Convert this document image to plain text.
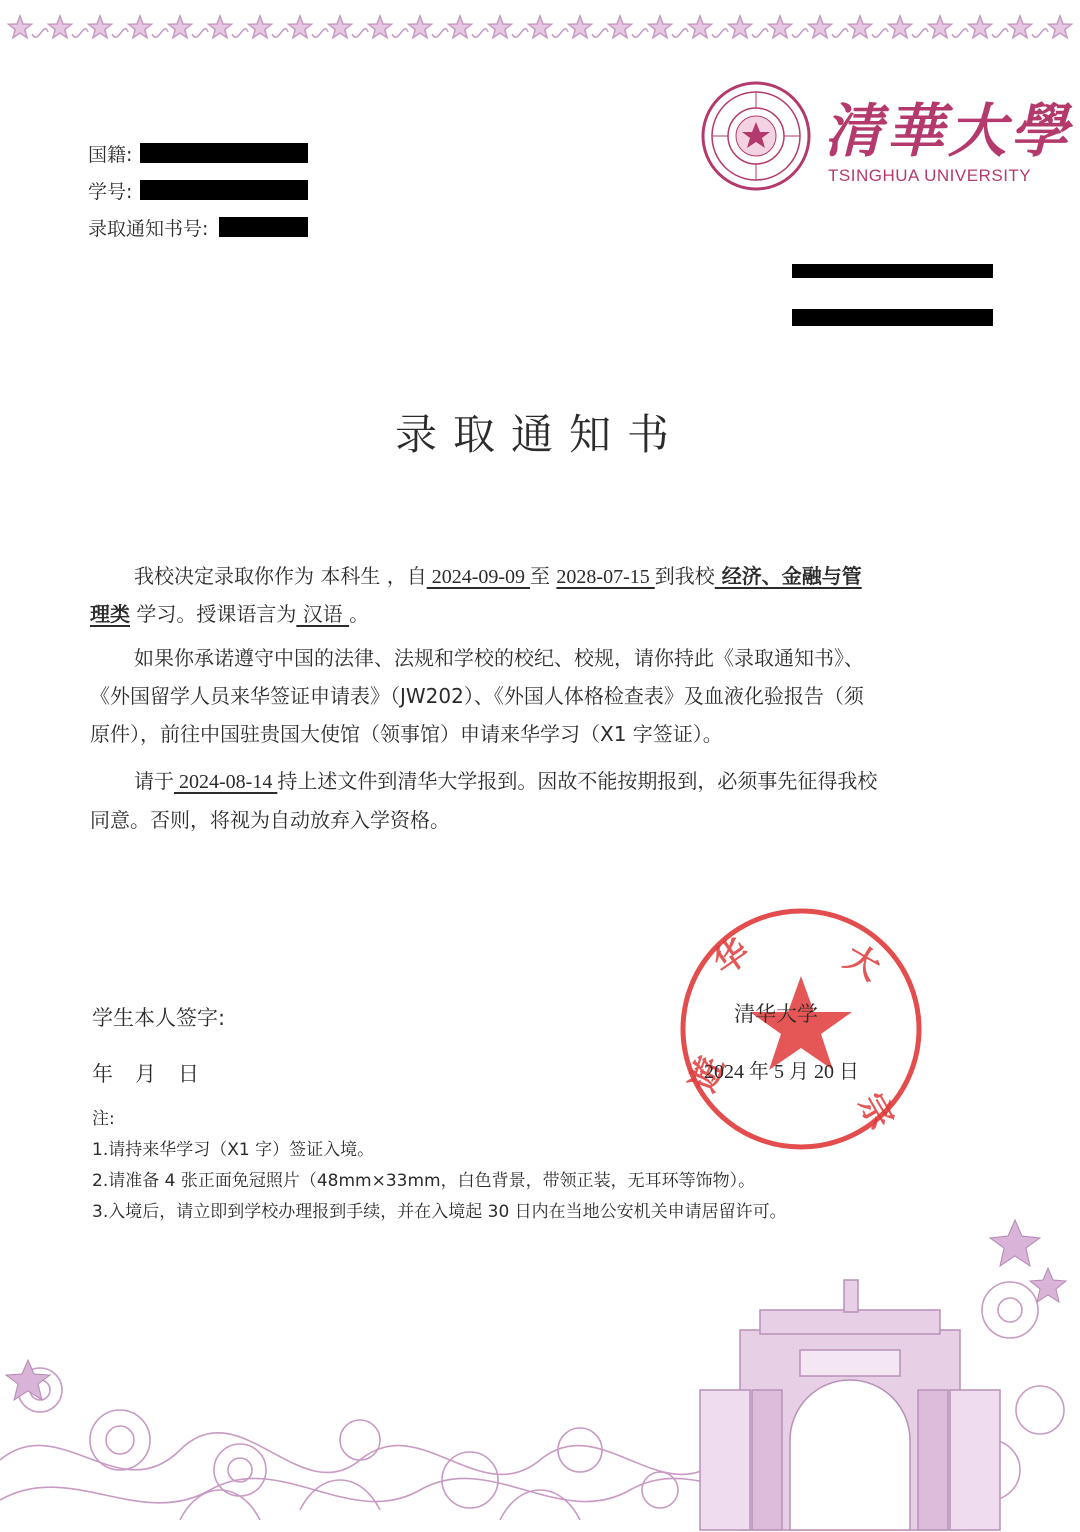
清華大學
TSINGHUA UNIVERSITY
国籍:
学号:
录取通知书号:
录取通知书
我校决定录取你作为 本科生 ，自 2024-09-09 至 2028-07-15 到我校 经济、金融与管
理类 学习。授课语言为 汉语 。
如果你承诺遵守中国的法律、法规和学校的校纪、校规，请你持此《录取通知书》、
《外国留学人员来华签证申请表》（JW202）、《外国人体格检查表》及血液化验报告（须
原件），前往中国驻贵国大使馆（领事馆）申请来华学习（X1 字签证）。
请于 2024-08-14 持上述文件到清华大学报到。因故不能按期报到，必须事先征得我校
同意。否则，将视为自动放弃入学资格。
学生本人签字:
年 月 日
注:
1.请持来华学习（X1 字）签证入境。
2.请准备 4 张正面免冠照片（48mm×33mm，白色背景，带领正装，无耳环等饰物）。
3.入境后，请立即到学校办理报到手续，并在入境起 30 日内在当地公安机关申请居留许可。
华 大
遊
宗
清华大学
2024 年 5 月 20 日
